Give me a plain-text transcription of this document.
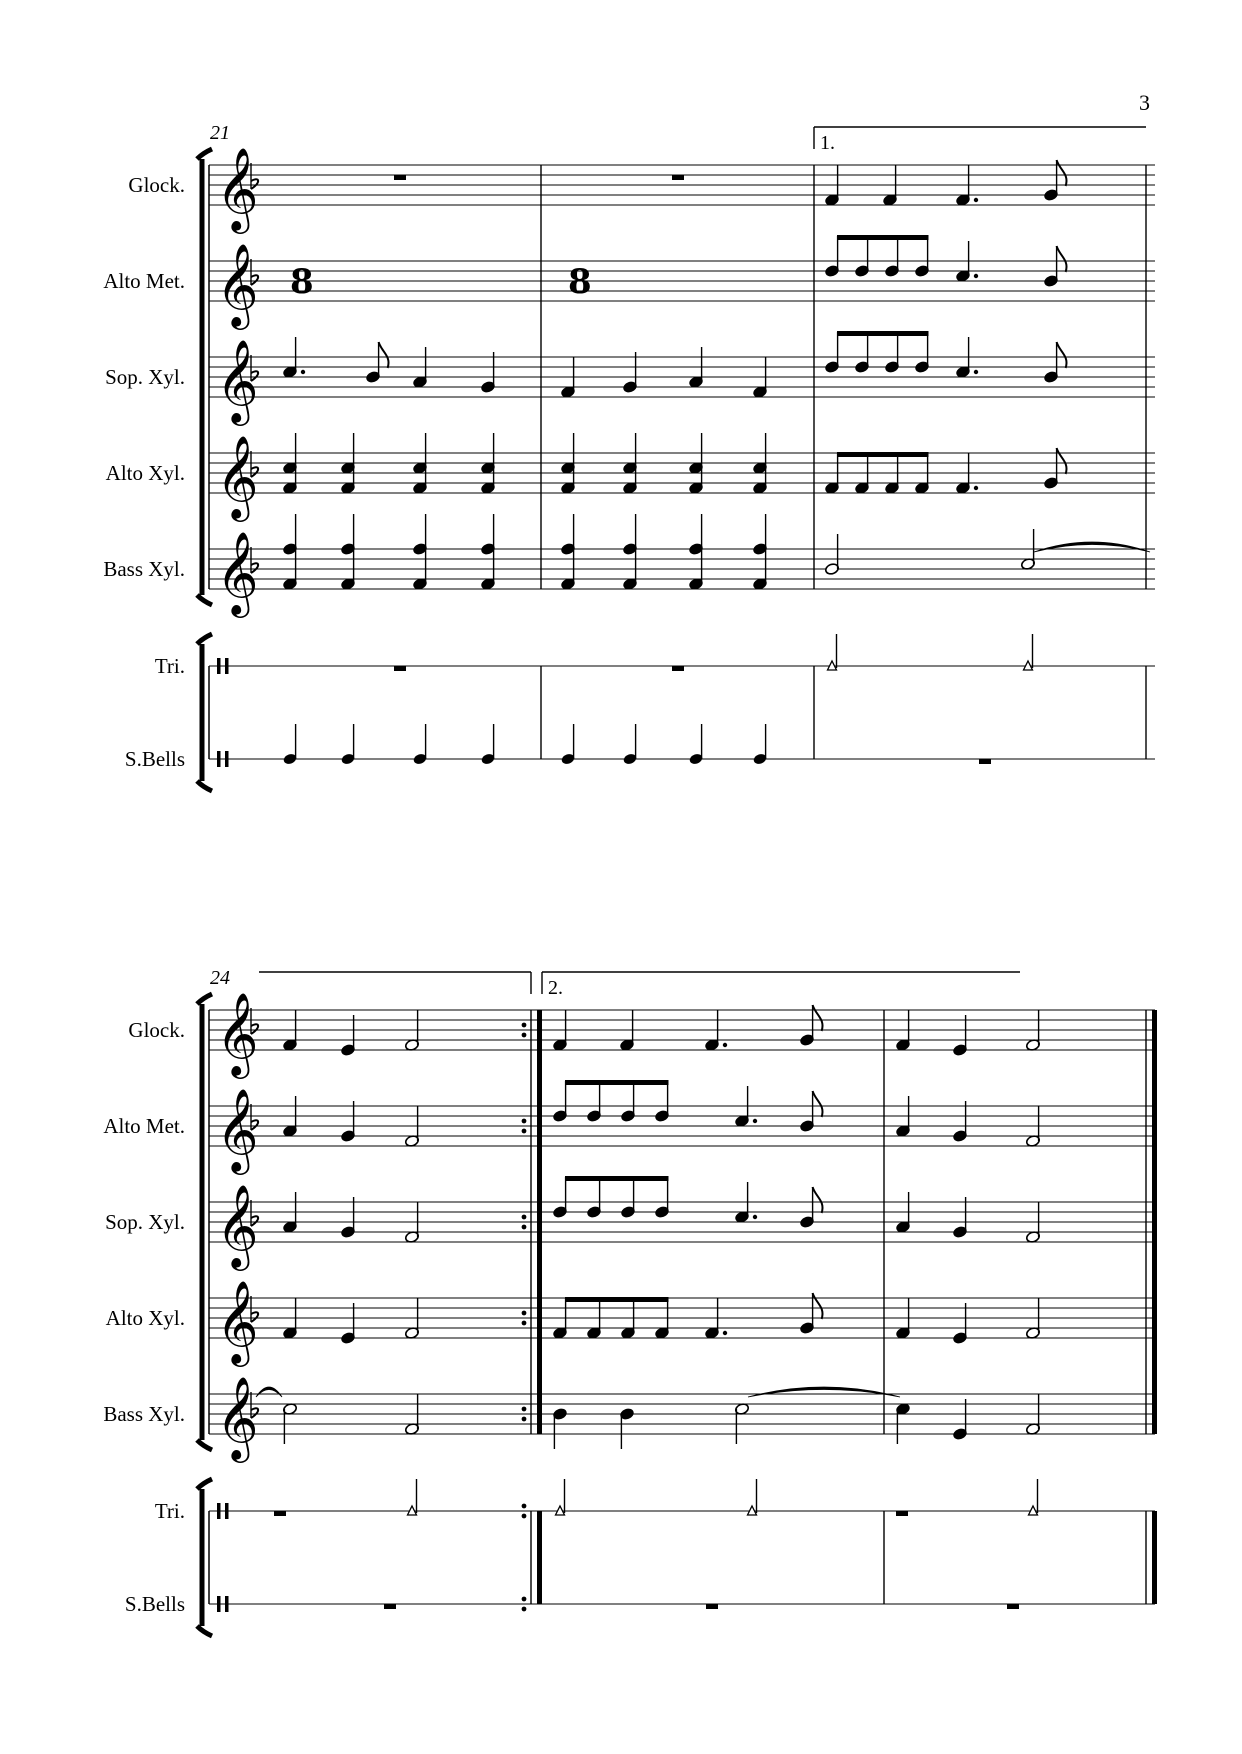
3
𝄞
𝄞
𝄞
𝄞
𝄞
Glock.
Alto Met.
Sop. Xyl.
Alto Xyl.
Bass Xyl.
Tri.
S.Bells
21	1.
8	8
𝄞
𝄞
𝄞
𝄞
𝄞
Glock.
Alto Met.
Sop. Xyl.
Alto Xyl.
Bass Xyl.
Tri.
S.Bells
24	2.
